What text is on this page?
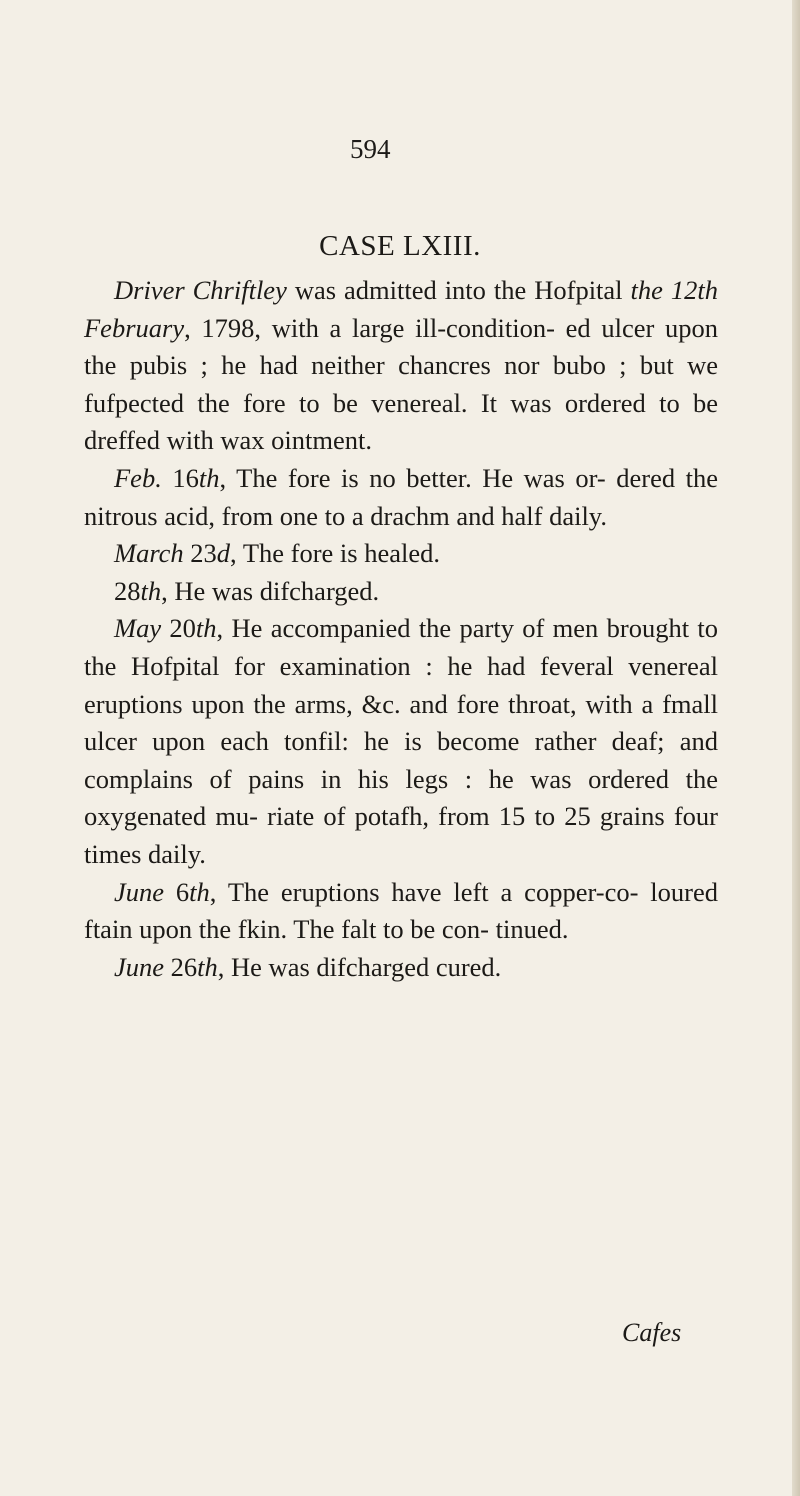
594
CASE LXIII.

Driver Chriftley was admitted into the Hofpital the 12th February, 1798, with a large ill-condition- ed ulcer upon the pubis ; he had neither chancres nor bubo ; but we fufpected the fore to be venereal. It was ordered to be dreffed with wax ointment.

Feb. 16th, The fore is no better. He was or- dered the nitrous acid, from one to a drachm and half daily.

March 23d, The fore is healed.

28th, He was difcharged.

May 20th, He accompanied the party of men brought to the Hofpital for examination : he had feveral venereal eruptions upon the arms, &c. and fore throat, with a fmall ulcer upon each tonfil: he is become rather deaf; and complains of pains in his legs : he was ordered the oxygenated mu- riate of potafh, from 15 to 25 grains four times daily.

June 6th, The eruptions have left a copper-co- loured ftain upon the fkin. The falt to be con- tinued.

June 26th, He was difcharged cured.

Cafes
